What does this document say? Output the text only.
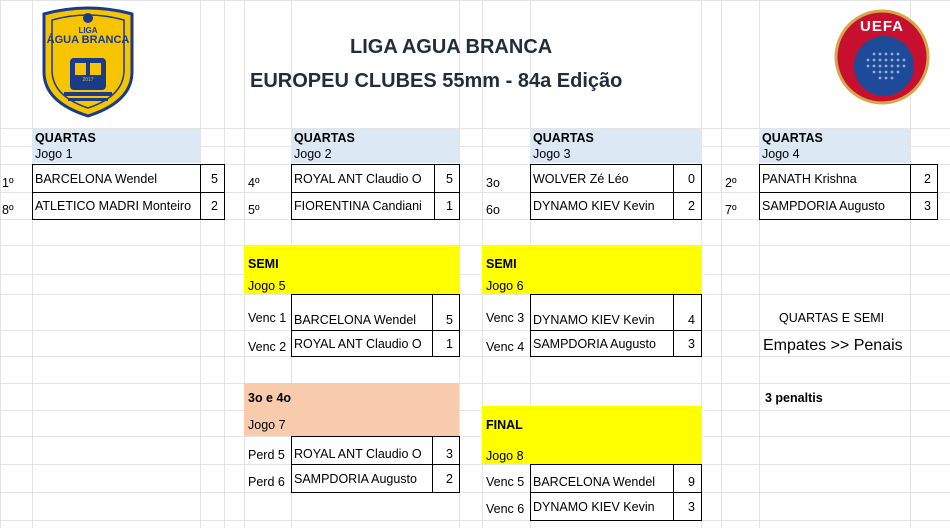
LIGA
ÁGUA BRANCA
2017
UEFA
LIGA AGUA BRANCA
EUROPEU CLUBES 55mm - 84a Edição
QUARTAS
Jogo 1
QUARTAS
Jogo 2
QUARTAS
Jogo 3
QUARTAS
Jogo 4
1º BARCELONA Wendel	5
8º ATLETICO MADRI Monteiro	2
4º	ROYAL ANT Claudio O	5
5º	FIORENTINA Candiani	1
3o	WOLVER Zé Léo	0
6o	DYNAMO KIEV Kevin	2
2º PANATH Krishna	2
7º SAMPDORIA Augusto	3
SEMI
Jogo 5
SEMI
Jogo 6
Venc 1 BARCELONA Wendel	5
Venc 2 ROYAL ANT Claudio O	1
Venc 3 DYNAMO KIEV Kevin	4
Venc 4 SAMPDORIA Augusto	3
QUARTAS E SEMI
Empates >> Penais
3 penaltis
3o e 4o
Jogo 7
Perd 5 ROYAL ANT Claudio O	3
Perd 6 SAMPDORIA Augusto	2
FINAL
Jogo 8
Venc 5 BARCELONA Wendel	9
Venc 6 DYNAMO KIEV Kevin	3
